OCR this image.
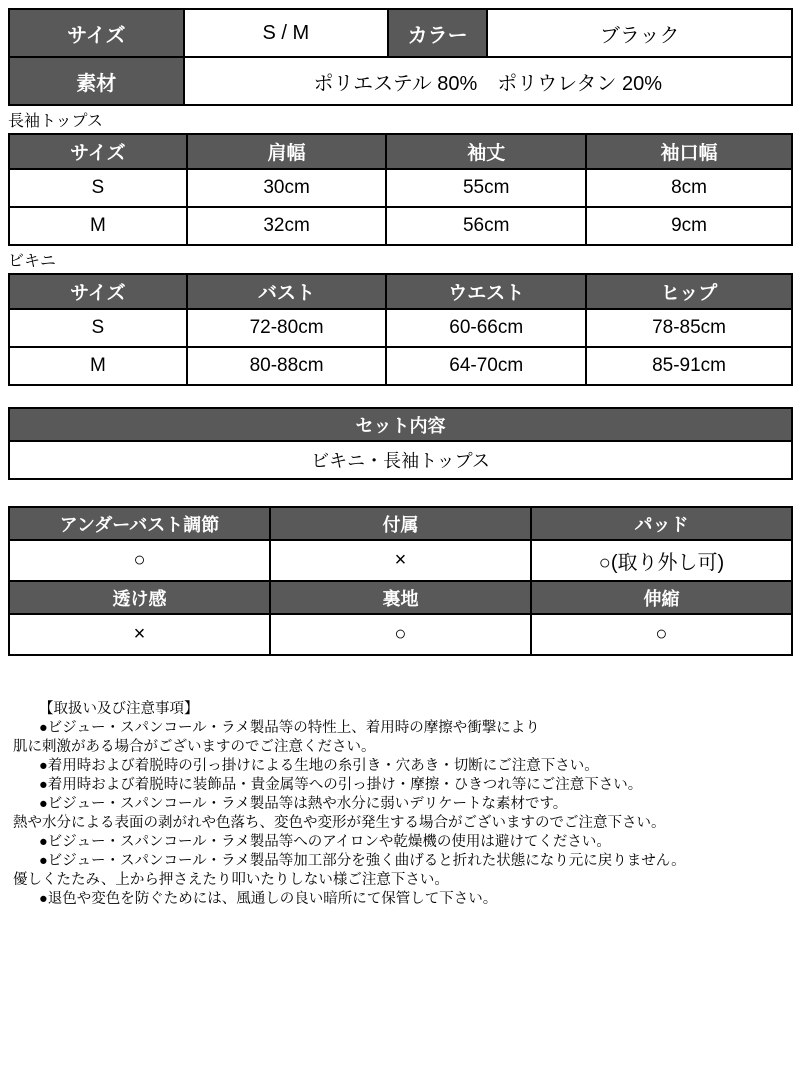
サイズ	S / M	カラー	ブラック
素材	ポリエステル 80%　ポリウレタン 20%		
長袖トップス
サイズ	肩幅	袖丈	袖口幅
S	30cm	55cm	8cm
M	32cm	56cm	9cm
ビキニ
サイズ	バスト	ウエスト	ヒップ
S	72-80cm	60-66cm	78-85cm
M	80-88cm	64-70cm	85-91cm
セット内容
ビキニ・長袖トップス
アンダーバスト調節	付属	パッド
○	×	○(取り外し可)
透け感	裏地	伸縮
×	○	○
【取扱い及び注意事項】
●ビジュー・スパンコール・ラメ製品等の特性上、着用時の摩擦や衝撃により
肌に刺激がある場合がございますのでご注意ください。
●着用時および着脱時の引っ掛けによる生地の糸引き・穴あき・切断にご注意下さい。
●着用時および着脱時に装飾品・貴金属等への引っ掛け・摩擦・ひきつれ等にご注意下さい。
●ビジュー・スパンコール・ラメ製品等は熱や水分に弱いデリケートな素材です。
熱や水分による表面の剥がれや色落ち、変色や変形が発生する場合がございますのでご注意下さい。
●ビジュー・スパンコール・ラメ製品等へのアイロンや乾燥機の使用は避けてください。
●ビジュー・スパンコール・ラメ製品等加工部分を強く曲げると折れた状態になり元に戻りません。
優しくたたみ、上から押さえたり叩いたりしない様ご注意下さい。
●退色や変色を防ぐためには、風通しの良い暗所にて保管して下さい。
